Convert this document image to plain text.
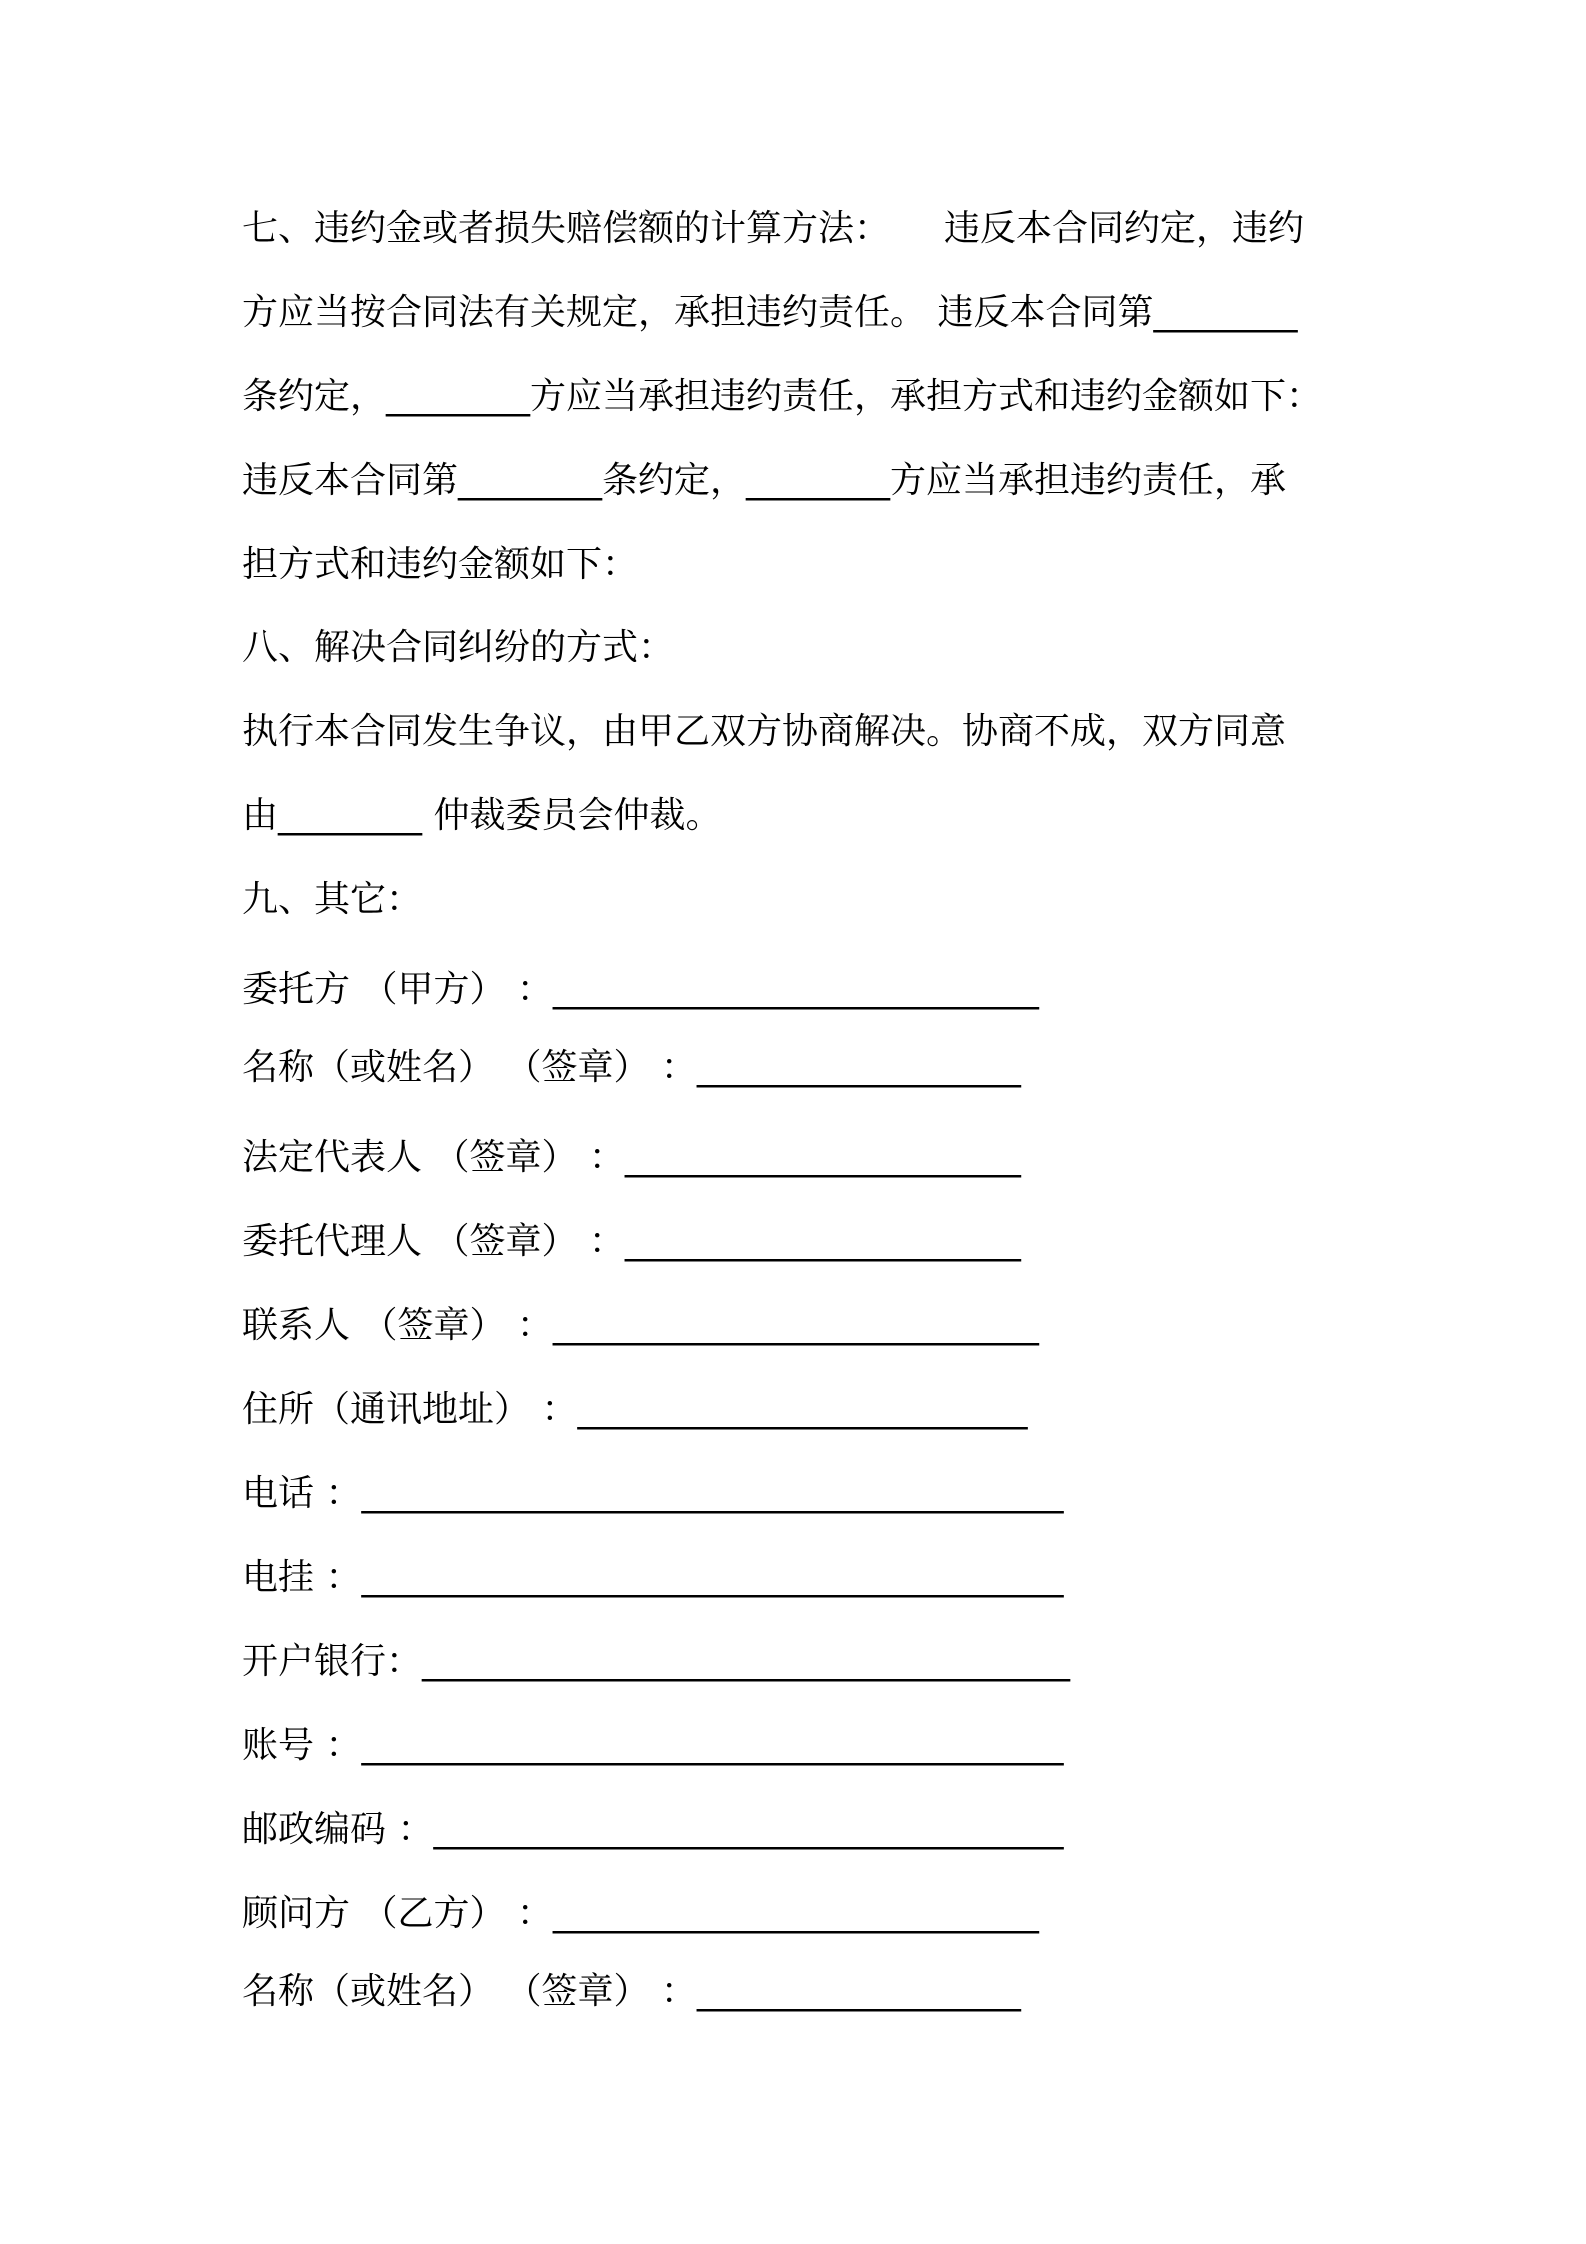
七、违约金或者损失赔偿额的计算方法：　　违反本合同约定，违约
方应当按合同法有关规定，承担违约责任。 违反本合同第________
条约定，________方应当承担违约责任，承担方式和违约金额如下：
违反本合同第________条约定，________方应当承担违约责任，承
担方式和违约金额如下：
八、解决合同纠纷的方式：
执行本合同发生争议，由甲乙双方协商解决。协商不成，双方同意
由________ 仲裁委员会仲裁。
九、其它：
委托方 （甲方） ：___________________________
名称（或姓名） （签章） ：__________________
法定代表人 （签章） ：______________________
委托代理人 （签章） ：______________________
联系人 （签章） ：___________________________
住所（通讯地址） ：_________________________
电话 ：_______________________________________
电挂 ：_______________________________________
开户银行：____________________________________
账号 ：_______________________________________
邮政编码 ：___________________________________
顾问方 （乙方） ：___________________________
名称（或姓名） （签章） ：__________________
